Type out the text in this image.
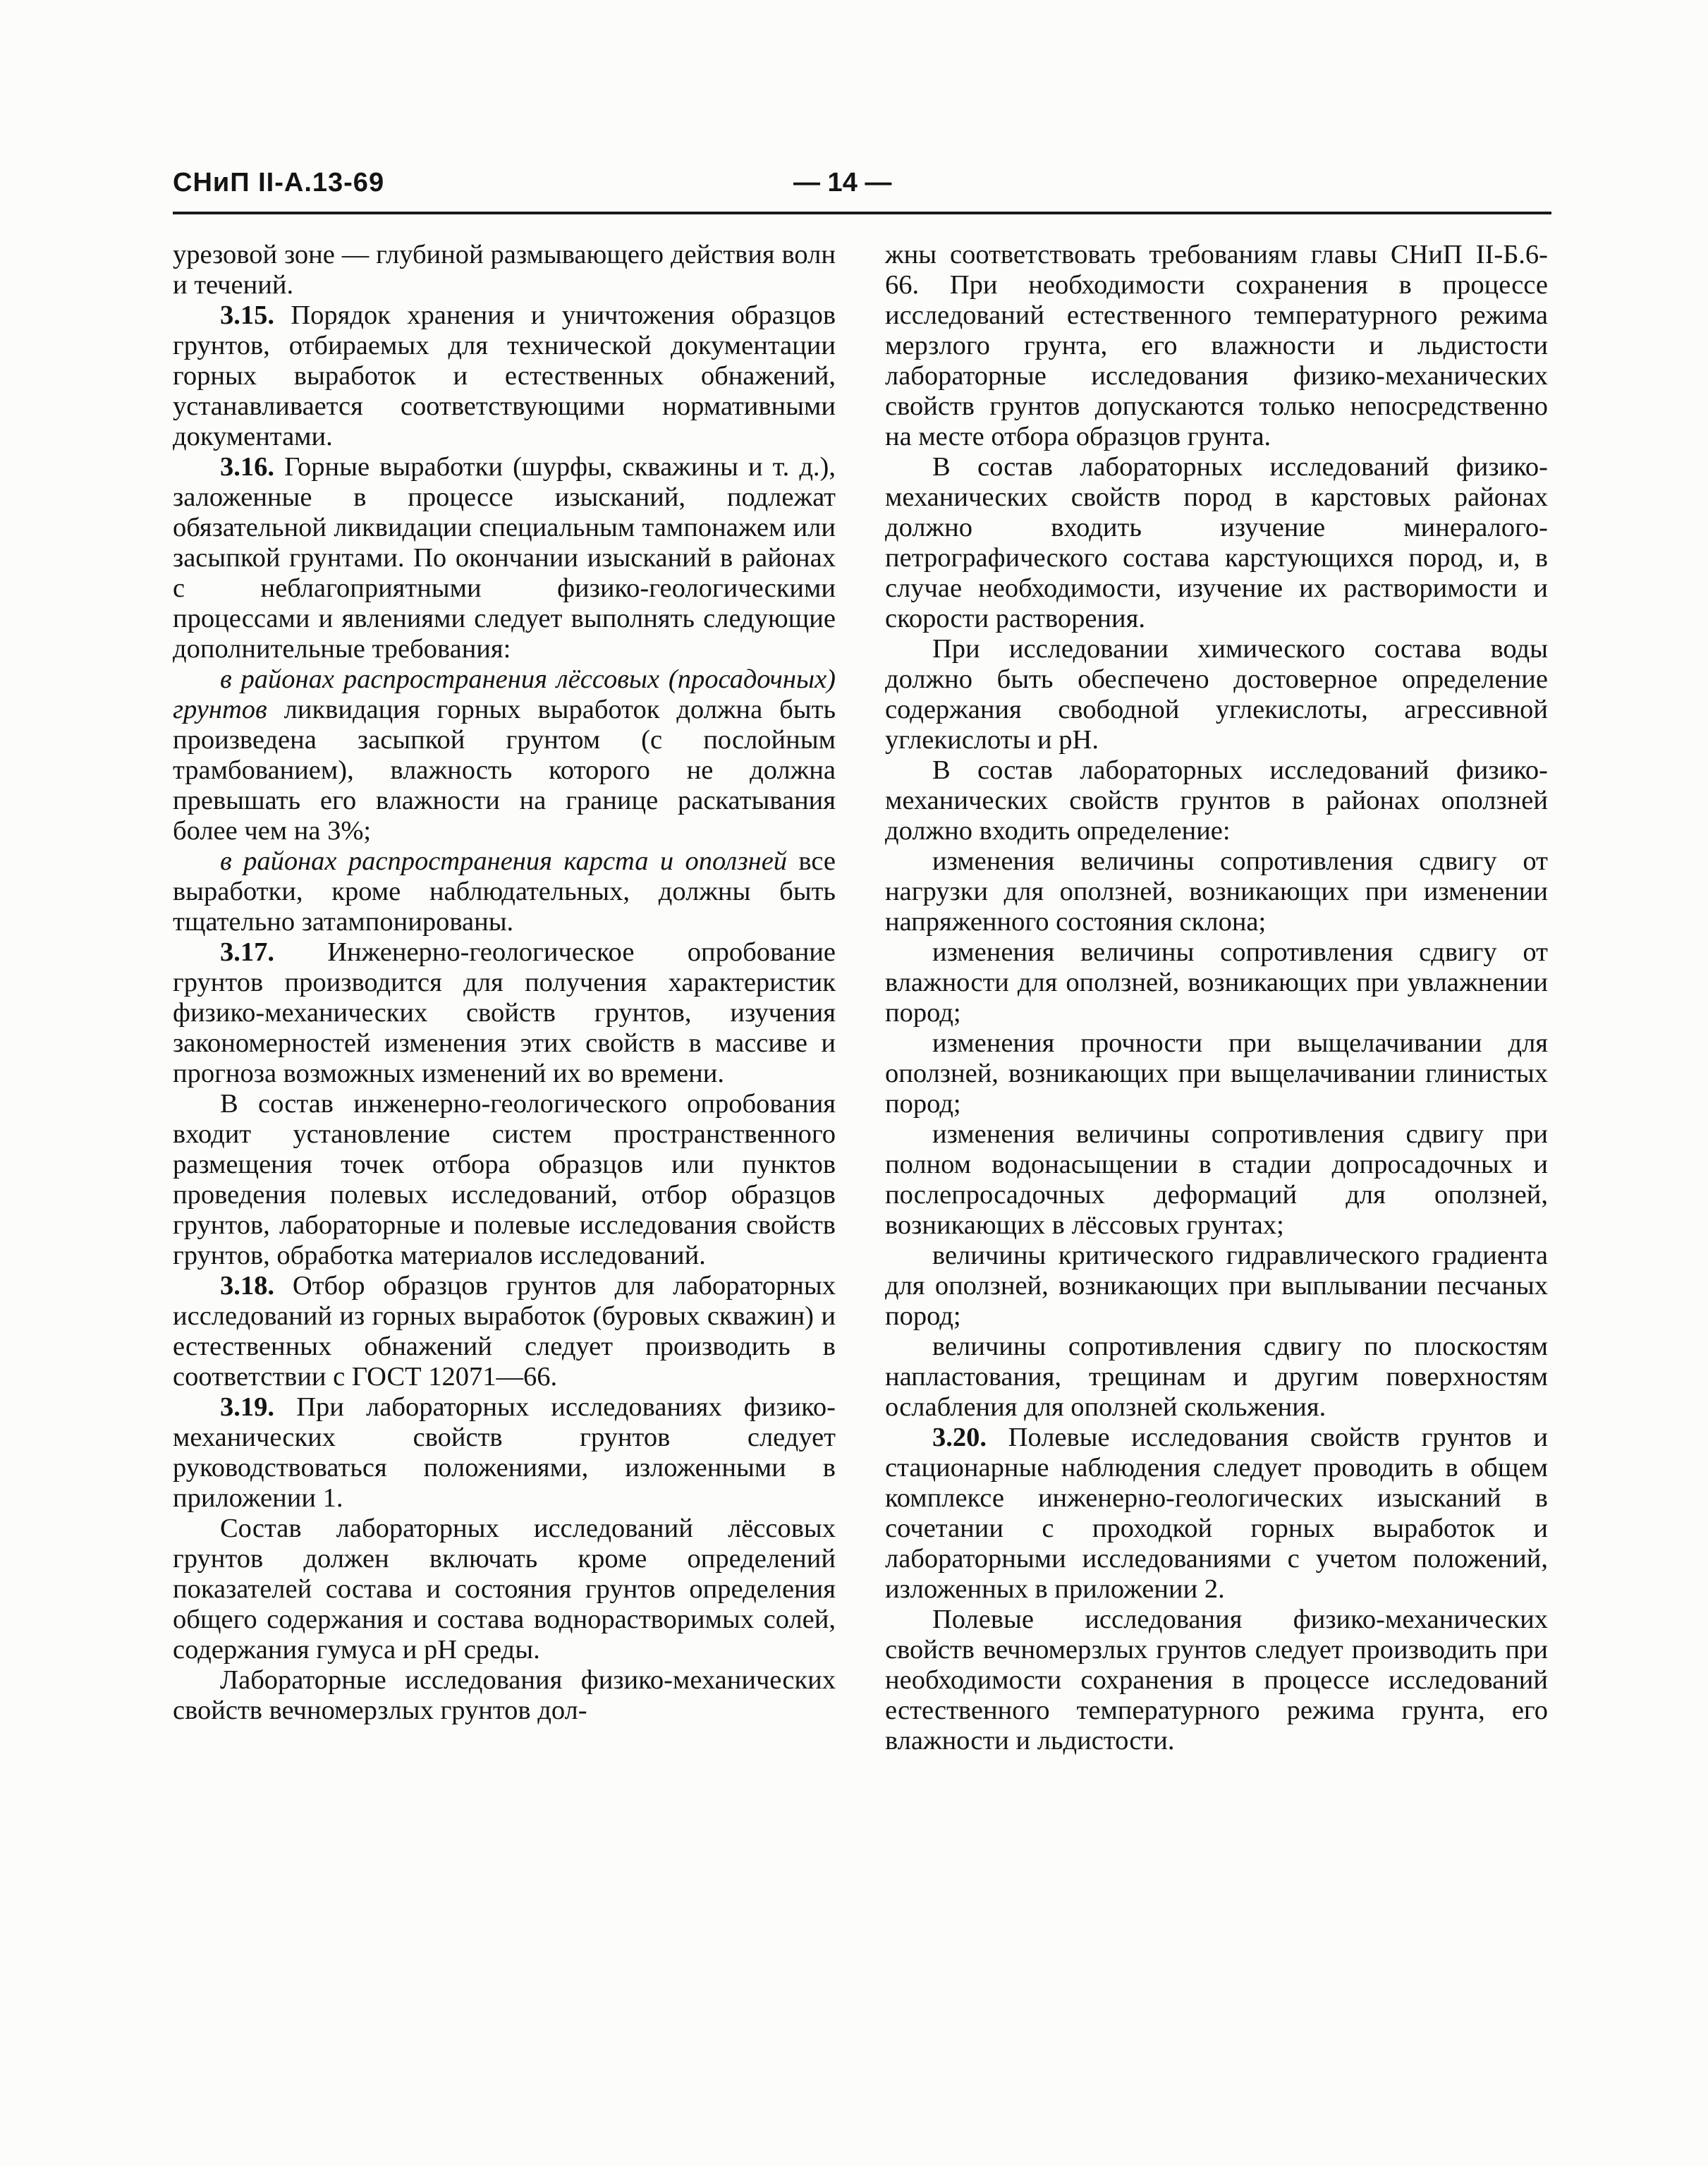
СНиП II-А.13-69	— 14 —

урезовой зоне — глубиной размывающего действия волн и течений.

3.15. Порядок хранения и уничтожения образцов грунтов, отбираемых для технической документации горных выработок и естественных обнажений, устанавливается соответствующими нормативными документами.

3.16. Горные выработки (шурфы, скважины и т. д.), заложенные в процессе изысканий, подлежат обязательной ликвидации специальным тампонажем или засыпкой грунтами. По окончании изысканий в районах с неблагоприятными физико-геологическими процессами и явлениями следует выполнять следующие дополнительные требования:

в районах распространения лёссовых (просадочных) грунтов ликвидация горных выработок должна быть произведена засыпкой грунтом (с послойным трамбованием), влажность которого не должна превышать его влажности на границе раскатывания более чем на 3%;

в районах распространения карста и оползней все выработки, кроме наблюдательных, должны быть тщательно затампонированы.

3.17. Инженерно-геологическое опробование грунтов производится для получения характеристик физико-механических свойств грунтов, изучения закономерностей изменения этих свойств в массиве и прогноза возможных изменений их во времени.

В состав инженерно-геологического опробования входит установление систем пространственного размещения точек отбора образцов или пунктов проведения полевых исследований, отбор образцов грунтов, лабораторные и полевые исследования свойств грунтов, обработка материалов исследований.

3.18. Отбор образцов грунтов для лабораторных исследований из горных выработок (буровых скважин) и естественных обнажений следует производить в соответствии с ГОСТ 12071—66.

3.19. При лабораторных исследованиях физико-механических свойств грунтов следует руководствоваться положениями, изложенными в приложении 1.

Состав лабораторных исследований лёссовых грунтов должен включать кроме определений показателей состава и состояния грунтов определения общего содержания и состава воднорастворимых солей, содержания гумуса и pH среды.

Лабораторные исследования физико-механических свойств вечномерзлых грунтов дол-

жны соответствовать требованиям главы СНиП II-Б.6-66. При необходимости сохранения в процессе исследований естественного температурного режима мерзлого грунта, его влажности и льдистости лабораторные исследования физико-механических свойств грунтов допускаются только непосредственно на месте отбора образцов грунта.

В состав лабораторных исследований физико-механических свойств пород в карстовых районах должно входить изучение минералого-петрографического состава карстующихся пород, и, в случае необходимости, изучение их растворимости и скорости растворения.

При исследовании химического состава воды должно быть обеспечено достоверное определение содержания свободной углекислоты, агрессивной углекислоты и pH.

В состав лабораторных исследований физико-механических свойств грунтов в районах оползней должно входить определение:

изменения величины сопротивления сдвигу от нагрузки для оползней, возникающих при изменении напряженного состояния склона;

изменения величины сопротивления сдвигу от влажности для оползней, возникающих при увлажнении пород;

изменения прочности при выщелачивании для оползней, возникающих при выщелачивании глинистых пород;

изменения величины сопротивления сдвигу при полном водонасыщении в стадии допросадочных и послепросадочных деформаций для оползней, возникающих в лёссовых грунтах;

величины критического гидравлического градиента для оползней, возникающих при выплывании песчаных пород;

величины сопротивления сдвигу по плоскостям напластования, трещинам и другим поверхностям ослабления для оползней скольжения.

3.20. Полевые исследования свойств грунтов и стационарные наблюдения следует проводить в общем комплексе инженерно-геологических изысканий в сочетании с проходкой горных выработок и лабораторными исследованиями с учетом положений, изложенных в приложении 2.

Полевые исследования физико-механических свойств вечномерзлых грунтов следует производить при необходимости сохранения в процессе исследований естественного температурного режима грунта, его влажности и льдистости.
